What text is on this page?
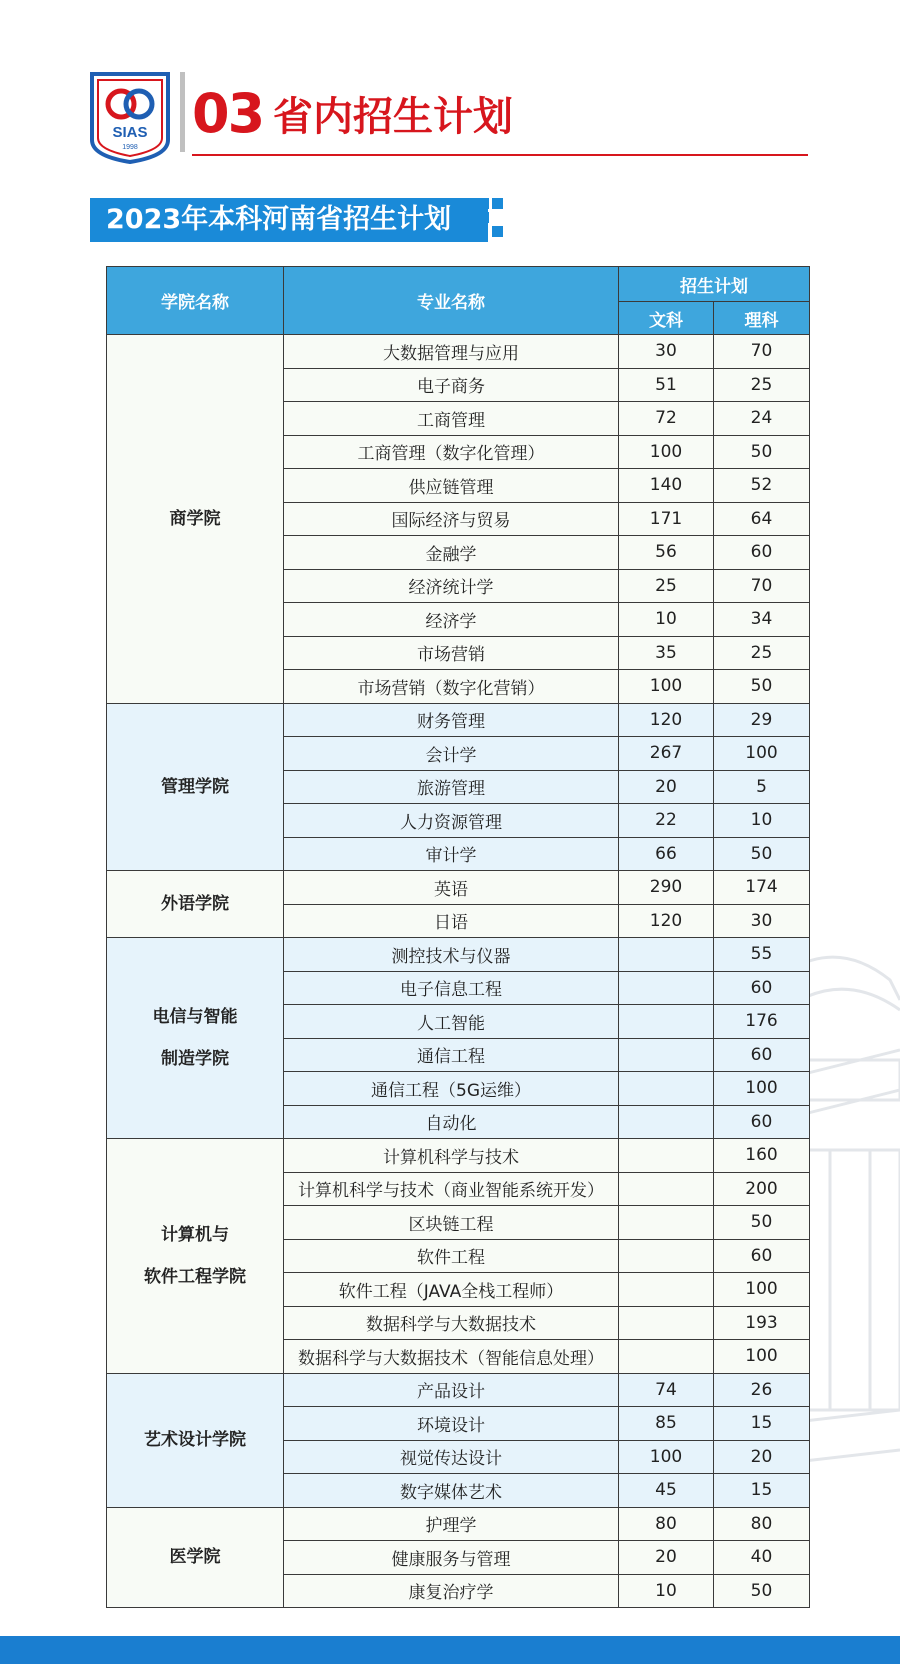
SIAS
1998
03 省内招生计划
2023年本科河南省招生计划
学院名称	专业名称	招生计划	
		文科	理科
商学院	大数据管理与应用	30	70
	电子商务	51	25
	工商管理	72	24
	工商管理（数字化管理）	100	50
	供应链管理	140	52
	国际经济与贸易	171	64
	金融学	56	60
	经济统计学	25	70
	经济学	10	34
	市场营销	35	25
	市场营销（数字化营销）	100	50
管理学院	财务管理	120	29
	会计学	267	100
	旅游管理	20	5
	人力资源管理	22	10
	审计学	66	50
外语学院	英语	290	174
	日语	120	30
电信与智能
制造学院	测控技术与仪器		55
	电子信息工程		60
	人工智能		176
	通信工程		60
	通信工程（5G运维）		100
	自动化		60
计算机与
软件工程学院	计算机科学与技术		160
	计算机科学与技术（商业智能系统开发）		200
	区块链工程		50
	软件工程		60
	软件工程（JAVA全栈工程师）		100
	数据科学与大数据技术		193
	数据科学与大数据技术（智能信息处理）		100
艺术设计学院	产品设计	74	26
	环境设计	85	15
	视觉传达设计	100	20
	数字媒体艺术	45	15
医学院	护理学	80	80
	健康服务与管理	20	40
	康复治疗学	10	50
